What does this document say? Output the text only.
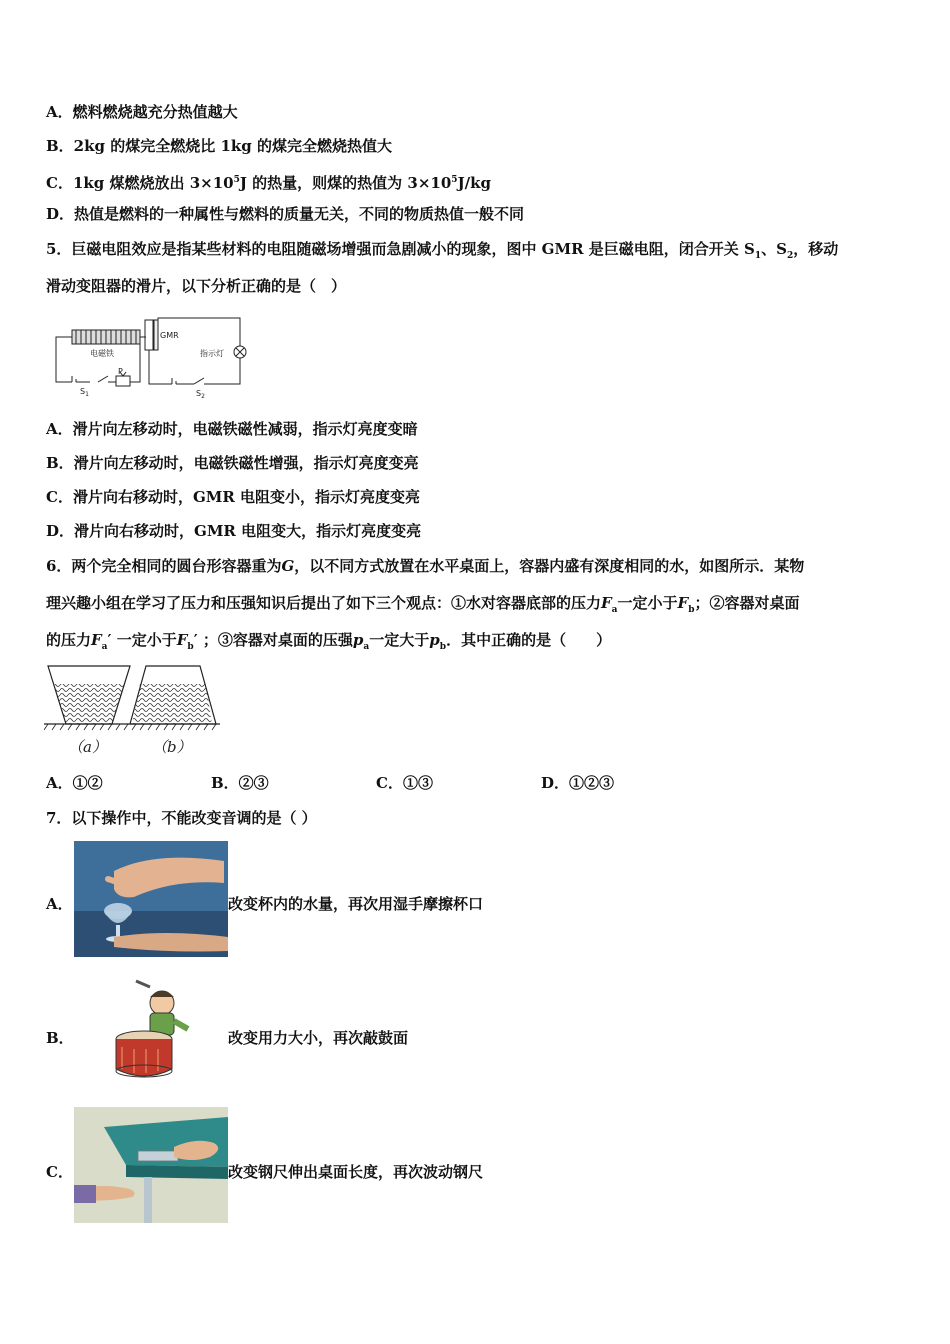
A．燃料燃烧越充分热值越大
B．2kg 的煤完全燃烧比 1kg 的煤完全燃烧热值大
C．1kg 煤燃烧放出 $3\times 10^5J$ 的热量，则煤的热值为 $3\times 10^5J/kg$
D．热值是燃料的一种属性与燃料的质量无关，不同的物质热值一般不同
5．巨磁电阻效应是指某些材料的电阻随磁场增强而急剧减小的现象，图中 GMR 是巨磁电阻，闭合开关 $S_1$、$S_2$，移动
滑动变阻器的滑片，以下分析正确的是（　）
电磁铁
GMR
指示灯
P
$S_1$	$S_2$
A．滑片向左移动时，电磁铁磁性减弱，指示灯亮度变暗
B．滑片向左移动时，电磁铁磁性增强，指示灯亮度变亮
C．滑片向右移动时，GMR 电阻变小，指示灯亮度变亮
D．滑片向右移动时，GMR 电阻变大，指示灯亮度变亮
6．两个完全相同的圆台形容器重为G，以不同方式放置在水平桌面上，容器内盛有深度相同的水，如图所示．某物
理兴趣小组在学习了压力和压强知识后提出了如下三个观点：①水对容器底部的压力$F_a$一定小于$F_b$；②容器对桌面
的压力$F_a'$ 一定小于$F_b'$ ；③容器对桌面的压强$p_a$一定大于$p_b$．其中正确的是（　　）
（a）	（b）
A．①②	B．②③	C．①③	D．①②③
7．以下操作中，不能改变音调的是（ ）
A．	改变杯内的水量，再次用湿手摩擦杯口
B．	改变用力大小，再次敲鼓面
C．	改变钢尺伸出桌面长度，再次波动钢尺
